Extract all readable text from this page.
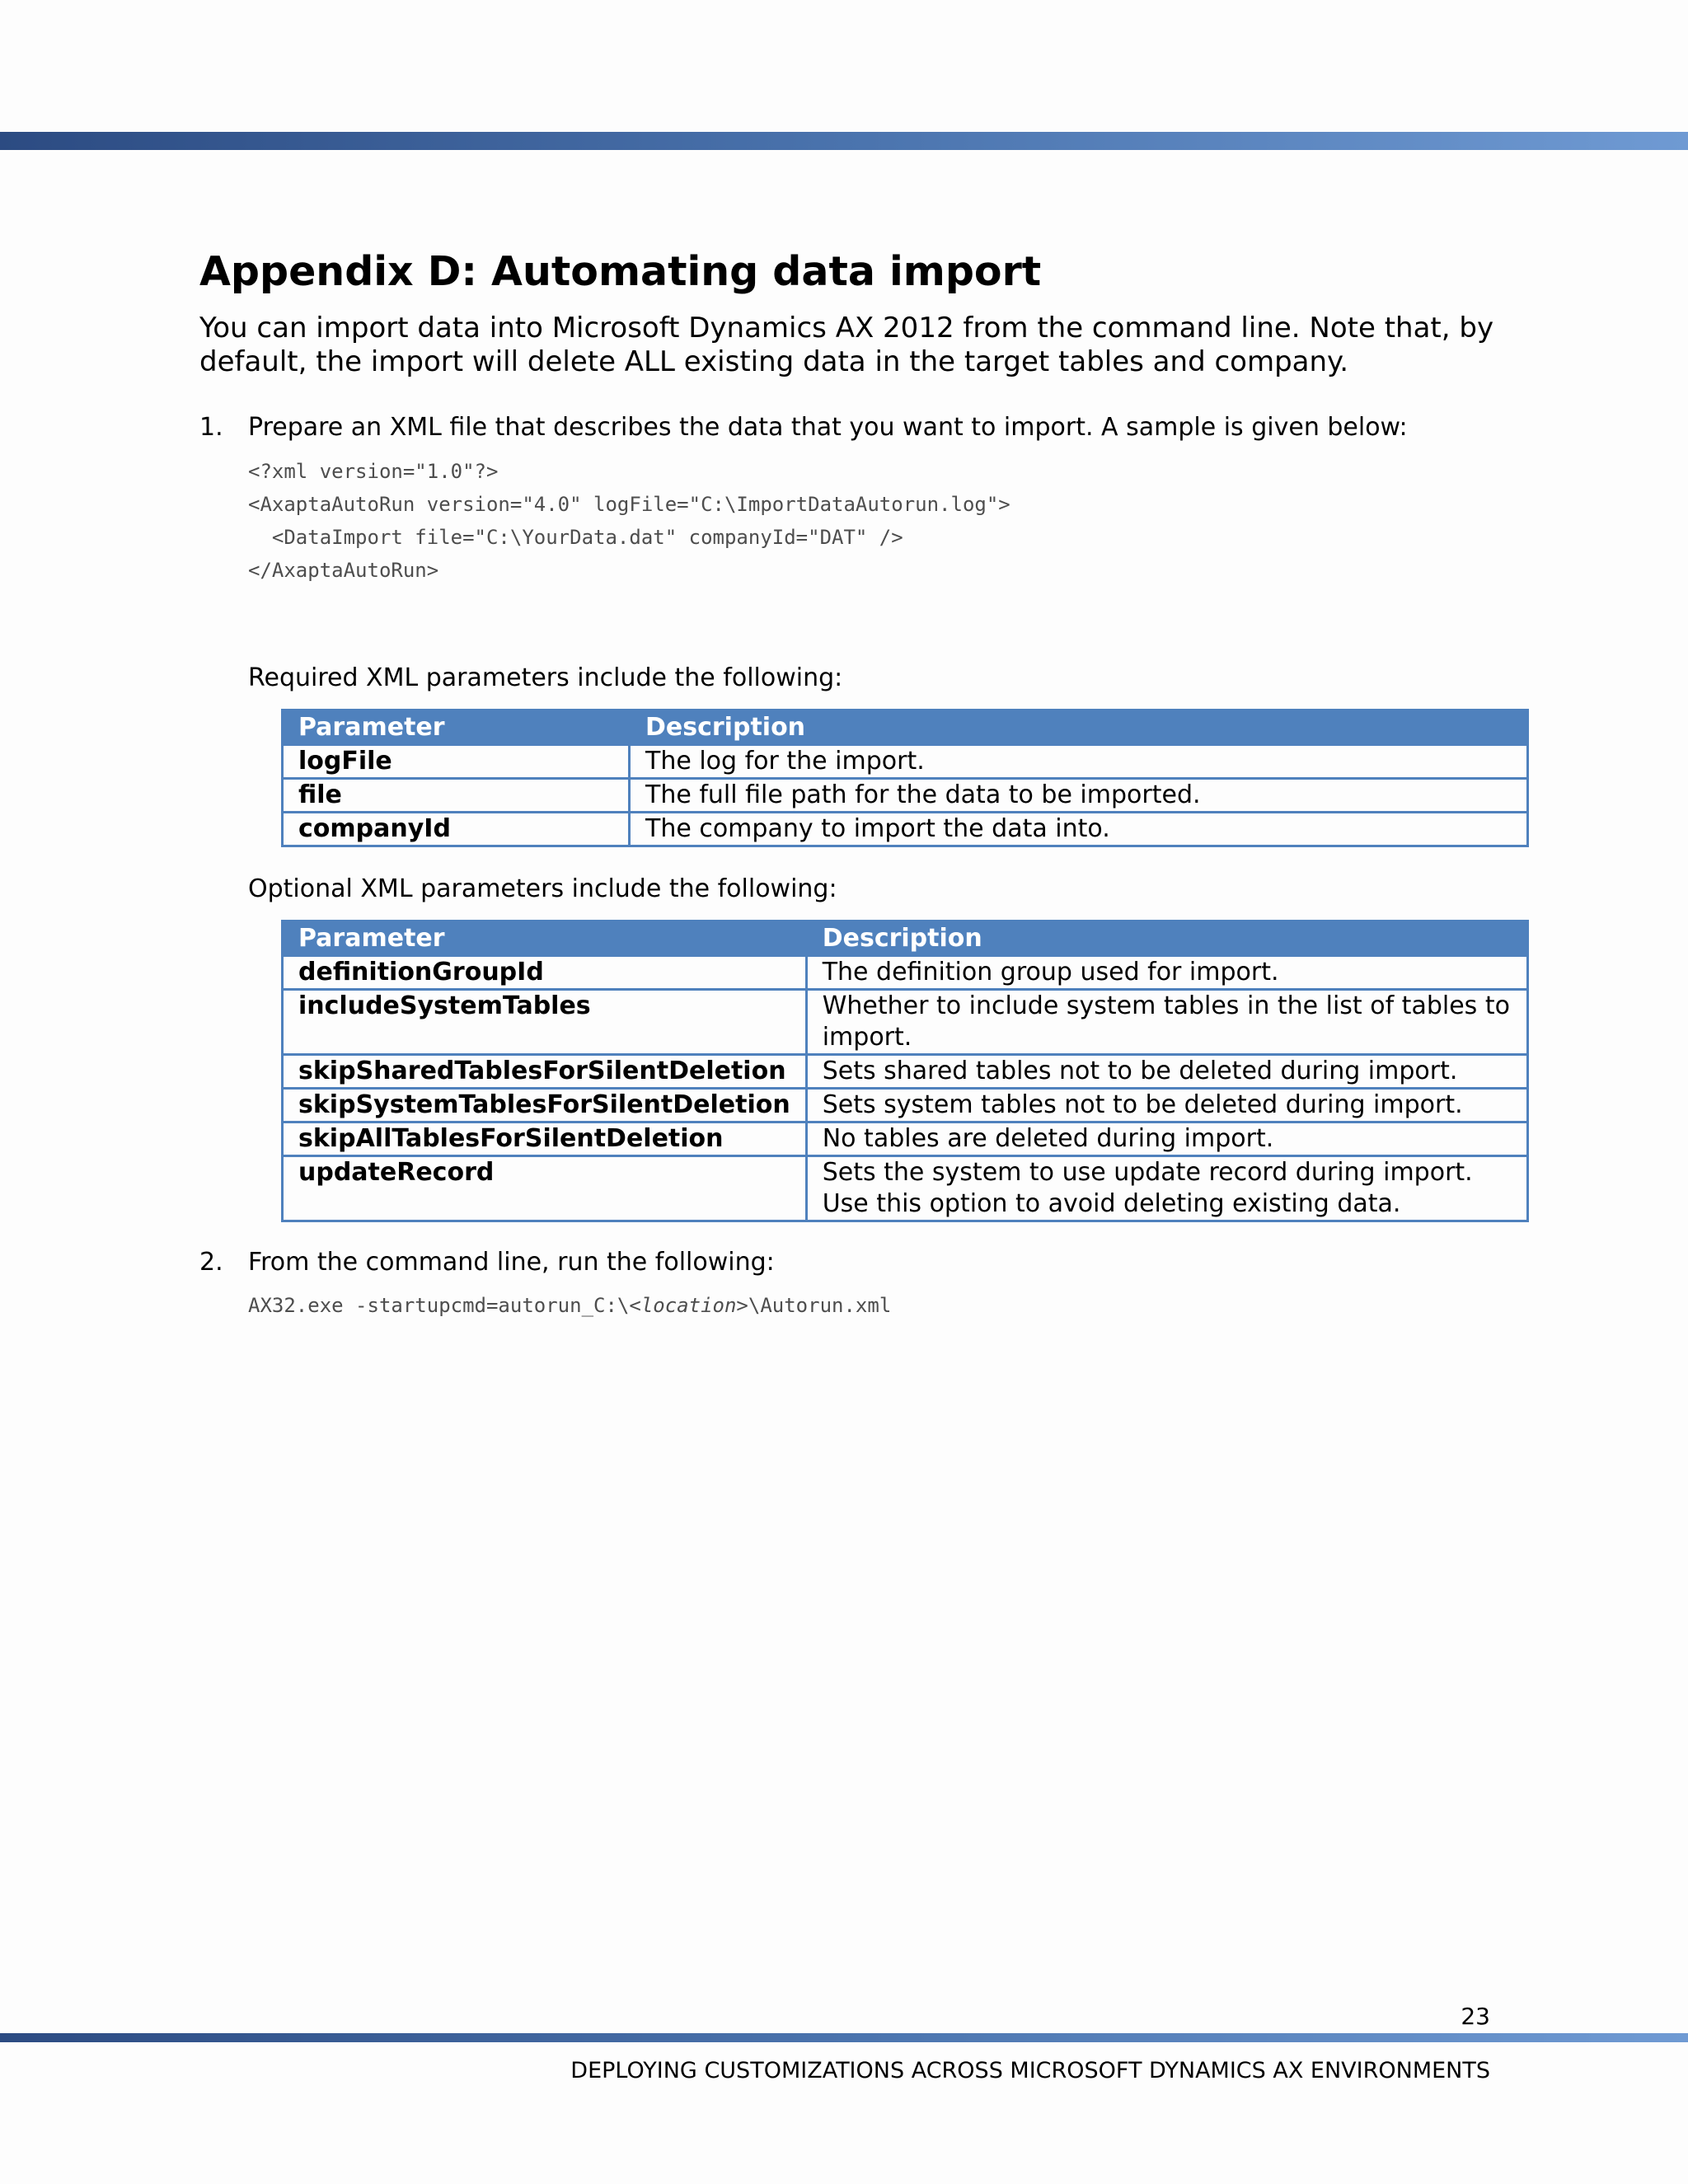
Appendix D: Automating data import

You can import data into Microsoft Dynamics AX 2012 from the command line. Note that, by default, the import will delete ALL existing data in the target tables and company.

1. Prepare an XML file that describes the data that you want to import. A sample is given below:
<?xml version="1.0"?>
<AxaptaAutoRun version="4.0" logFile="C:\ImportDataAutorun.log">
<DataImport file="C:\YourData.dat" companyId="DAT" />
</AxaptaAutoRun>
Required XML parameters include the following:
Parameter	Description
logFile	The log for the import.
file	The full file path for the data to be imported.
companyId	The company to import the data into.
Optional XML parameters include the following:
Parameter	Description
definitionGroupId	The definition group used for import.
includeSystemTables	Whether to include system tables in the list of tables to import.
skipSharedTablesForSilentDeletion	Sets shared tables not to be deleted during import.
skipSystemTablesForSilentDeletion	Sets system tables not to be deleted during import.
skipAllTablesForSilentDeletion	No tables are deleted during import.
updateRecord	Sets the system to use update record during import. Use this option to avoid deleting existing data.
2. From the command line, run the following:
AX32.exe -startupcmd=autorun_C:\<location>\Autorun.xml
23
DEPLOYING CUSTOMIZATIONS ACROSS MICROSOFT DYNAMICS AX ENVIRONMENTS
